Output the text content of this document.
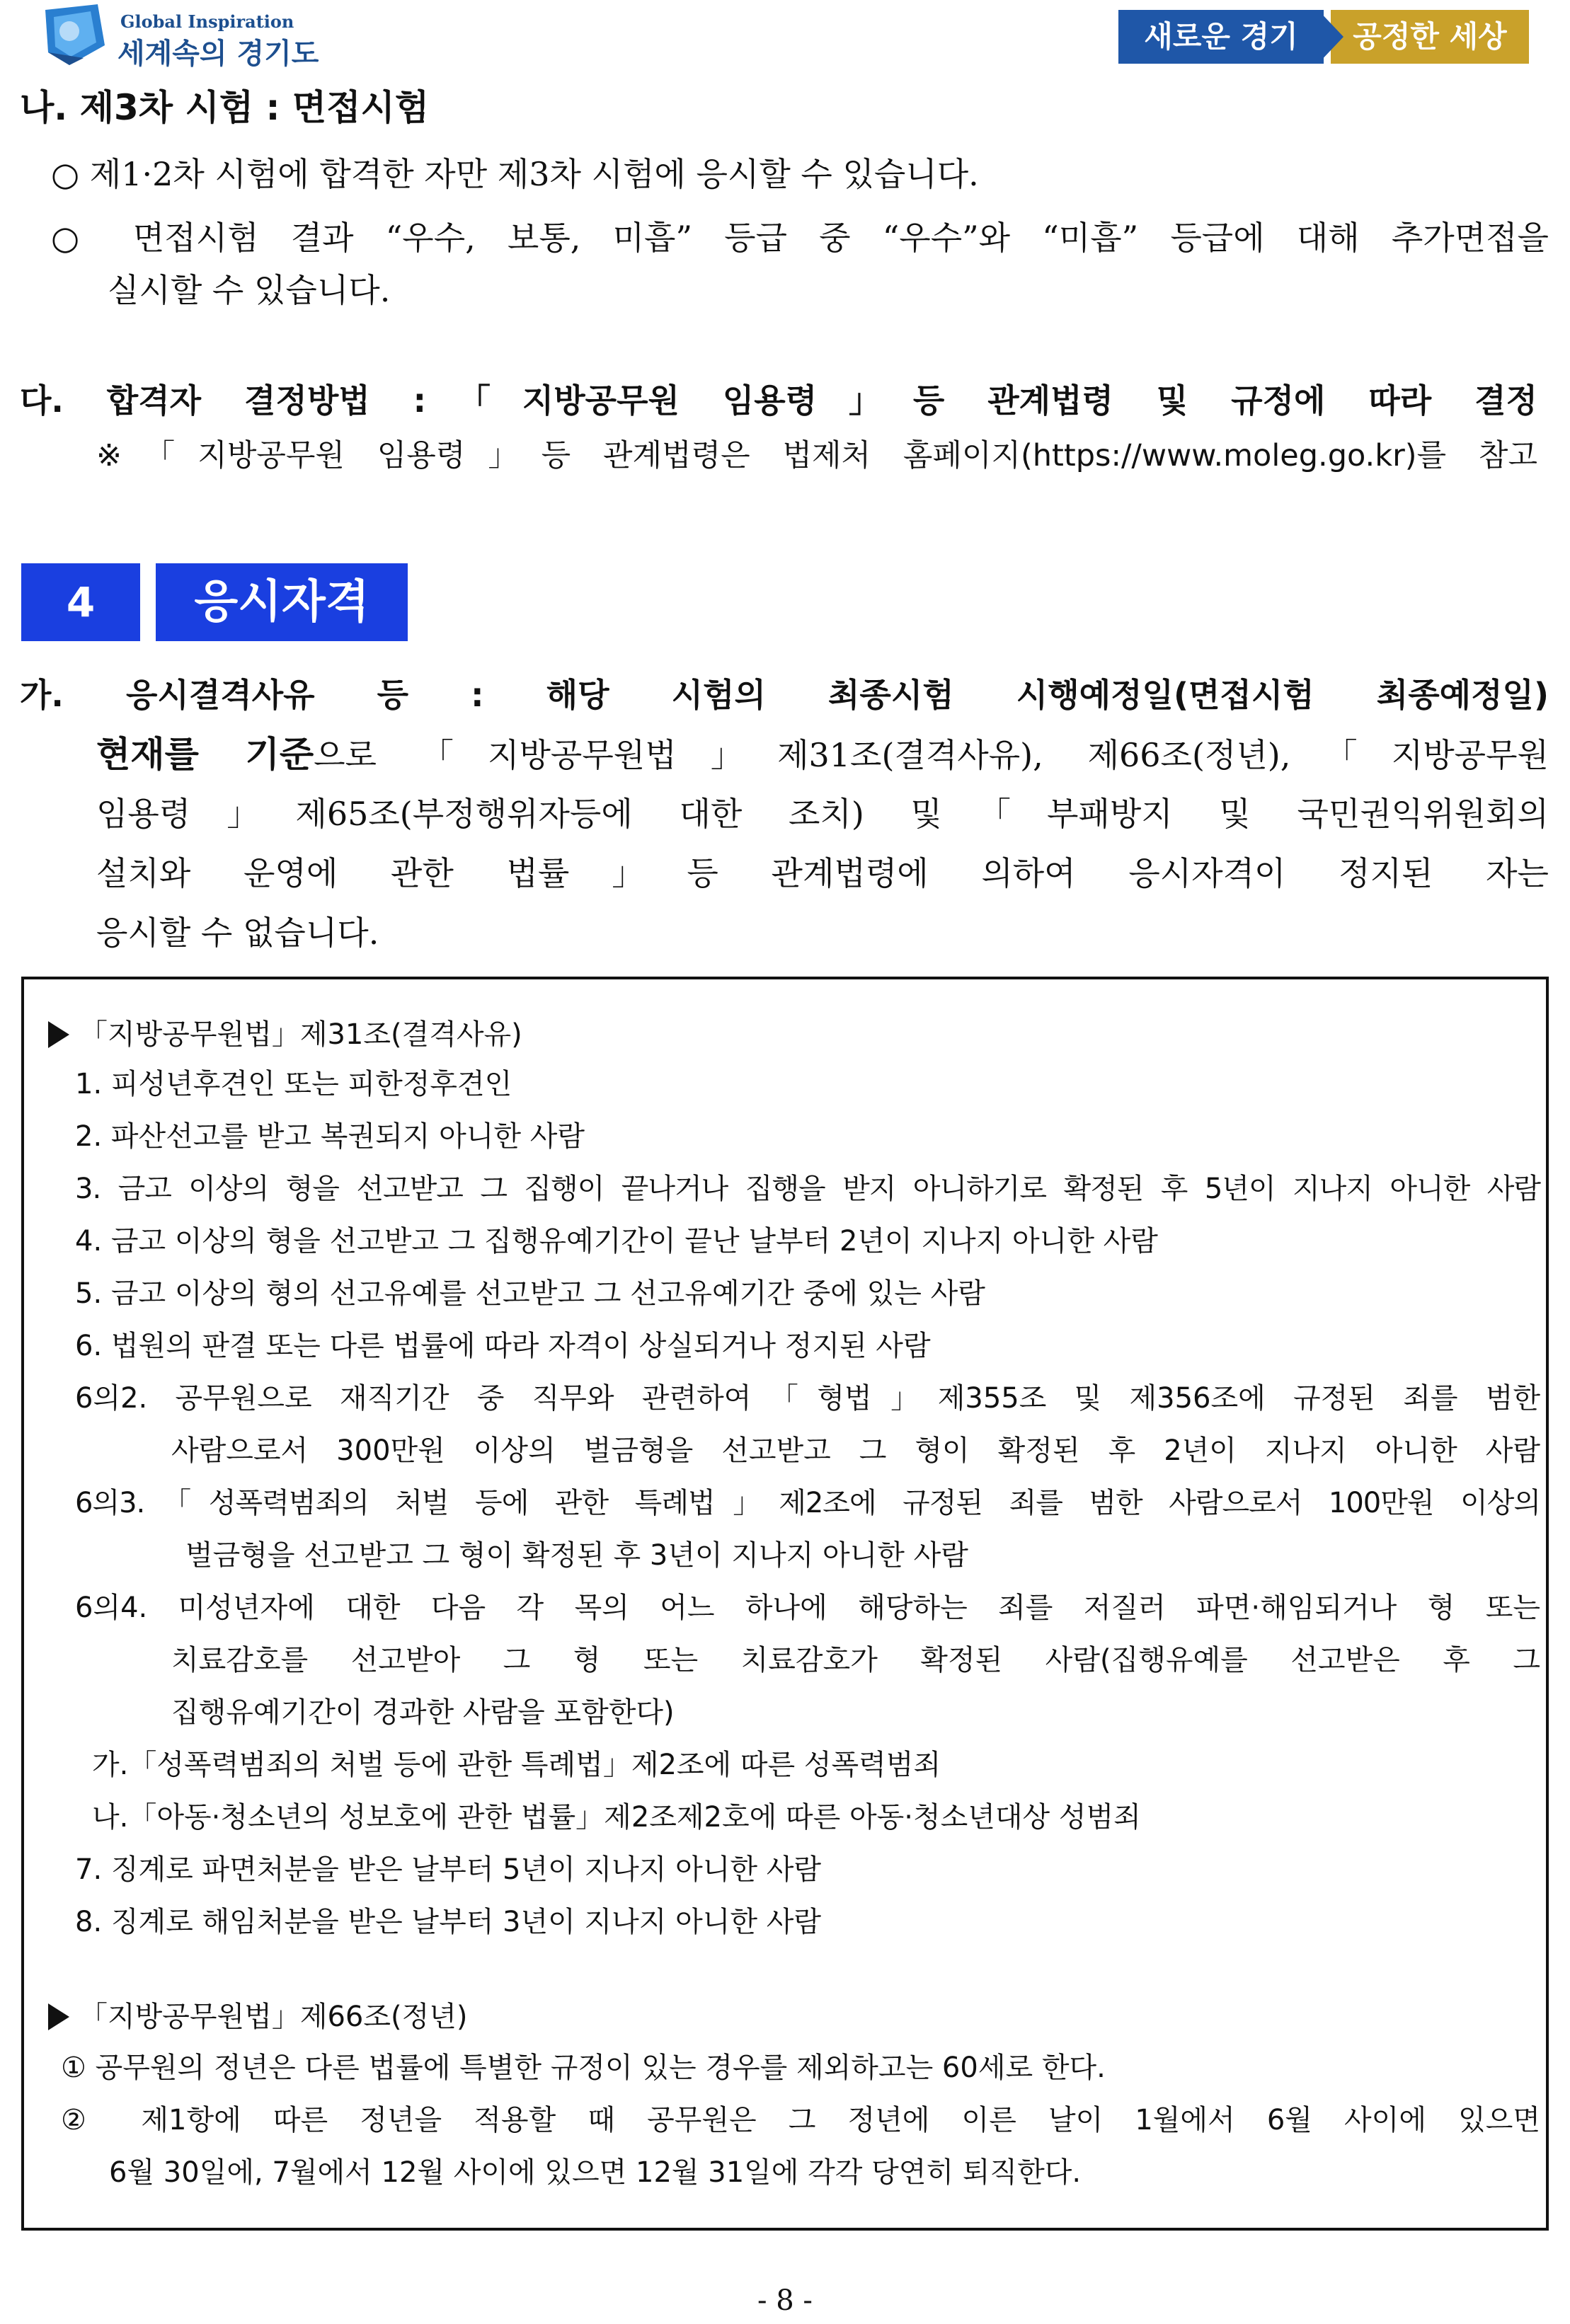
Global Inspiration
세계속의 경기도	새로운 경기	공정한 세상
나. 제3차 시험 : 면접시험
○ 제1·2차 시험에 합격한 자만 제3차 시험에 응시할 수 있습니다.
○ 면접시험 결과 “우수, 보통, 미흡” 등급 중 “우수”와 “미흡” 등급에 대해 추가면접을
실시할 수 있습니다.
다. 합격자 결정방법 :「지방공무원 임용령」등 관계법령 및 규정에 따라 결정
※「지방공무원 임용령」등 관계법령은 법제처 홈페이지(https://www.moleg.go.kr)를 참고
4	응시자격
가. 응시결격사유 등 : 해당 시험의 최종시험 시행예정일(면접시험 최종예정일)
현재를 기준으로 「지방공무원법」제31조(결격사유), 제66조(정년),「지방공무원
임용령」제65조(부정행위자등에 대한 조치) 및「부패방지 및 국민권익위원회의
설치와 운영에 관한 법률」등 관계법령에 의하여 응시자격이 정지된 자는
응시할 수 없습니다.
「지방공무원법」제31조(결격사유)
1. 피성년후견인 또는 피한정후견인
2. 파산선고를 받고 복권되지 아니한 사람
3. 금고 이상의 형을 선고받고 그 집행이 끝나거나 집행을 받지 아니하기로 확정된 후 5년이 지나지 아니한 사람
4. 금고 이상의 형을 선고받고 그 집행유예기간이 끝난 날부터 2년이 지나지 아니한 사람
5. 금고 이상의 형의 선고유예를 선고받고 그 선고유예기간 중에 있는 사람
6. 법원의 판결 또는 다른 법률에 따라 자격이 상실되거나 정지된 사람
6의2. 공무원으로 재직기간 중 직무와 관련하여「형법」제355조 및 제356조에 규정된 죄를 범한
사람으로서 300만원 이상의 벌금형을 선고받고 그 형이 확정된 후 2년이 지나지 아니한 사람
6의3.「성폭력범죄의 처벌 등에 관한 특례법」제2조에 규정된 죄를 범한 사람으로서 100만원 이상의
벌금형을 선고받고 그 형이 확정된 후 3년이 지나지 아니한 사람
6의4. 미성년자에 대한 다음 각 목의 어느 하나에 해당하는 죄를 저질러 파면·해임되거나 형 또는
치료감호를 선고받아 그 형 또는 치료감호가 확정된 사람(집행유예를 선고받은 후 그
집행유예기간이 경과한 사람을 포함한다)
가.「성폭력범죄의 처벌 등에 관한 특례법」제2조에 따른 성폭력범죄
나.「아동·청소년의 성보호에 관한 법률」제2조제2호에 따른 아동·청소년대상 성범죄
7. 징계로 파면처분을 받은 날부터 5년이 지나지 아니한 사람
8. 징계로 해임처분을 받은 날부터 3년이 지나지 아니한 사람
「지방공무원법」제66조(정년)
① 공무원의 정년은 다른 법률에 특별한 규정이 있는 경우를 제외하고는 60세로 한다.
② 제1항에 따른 정년을 적용할 때 공무원은 그 정년에 이른 날이 1월에서 6월 사이에 있으면
6월 30일에, 7월에서 12월 사이에 있으면 12월 31일에 각각 당연히 퇴직한다.
- 8 -
